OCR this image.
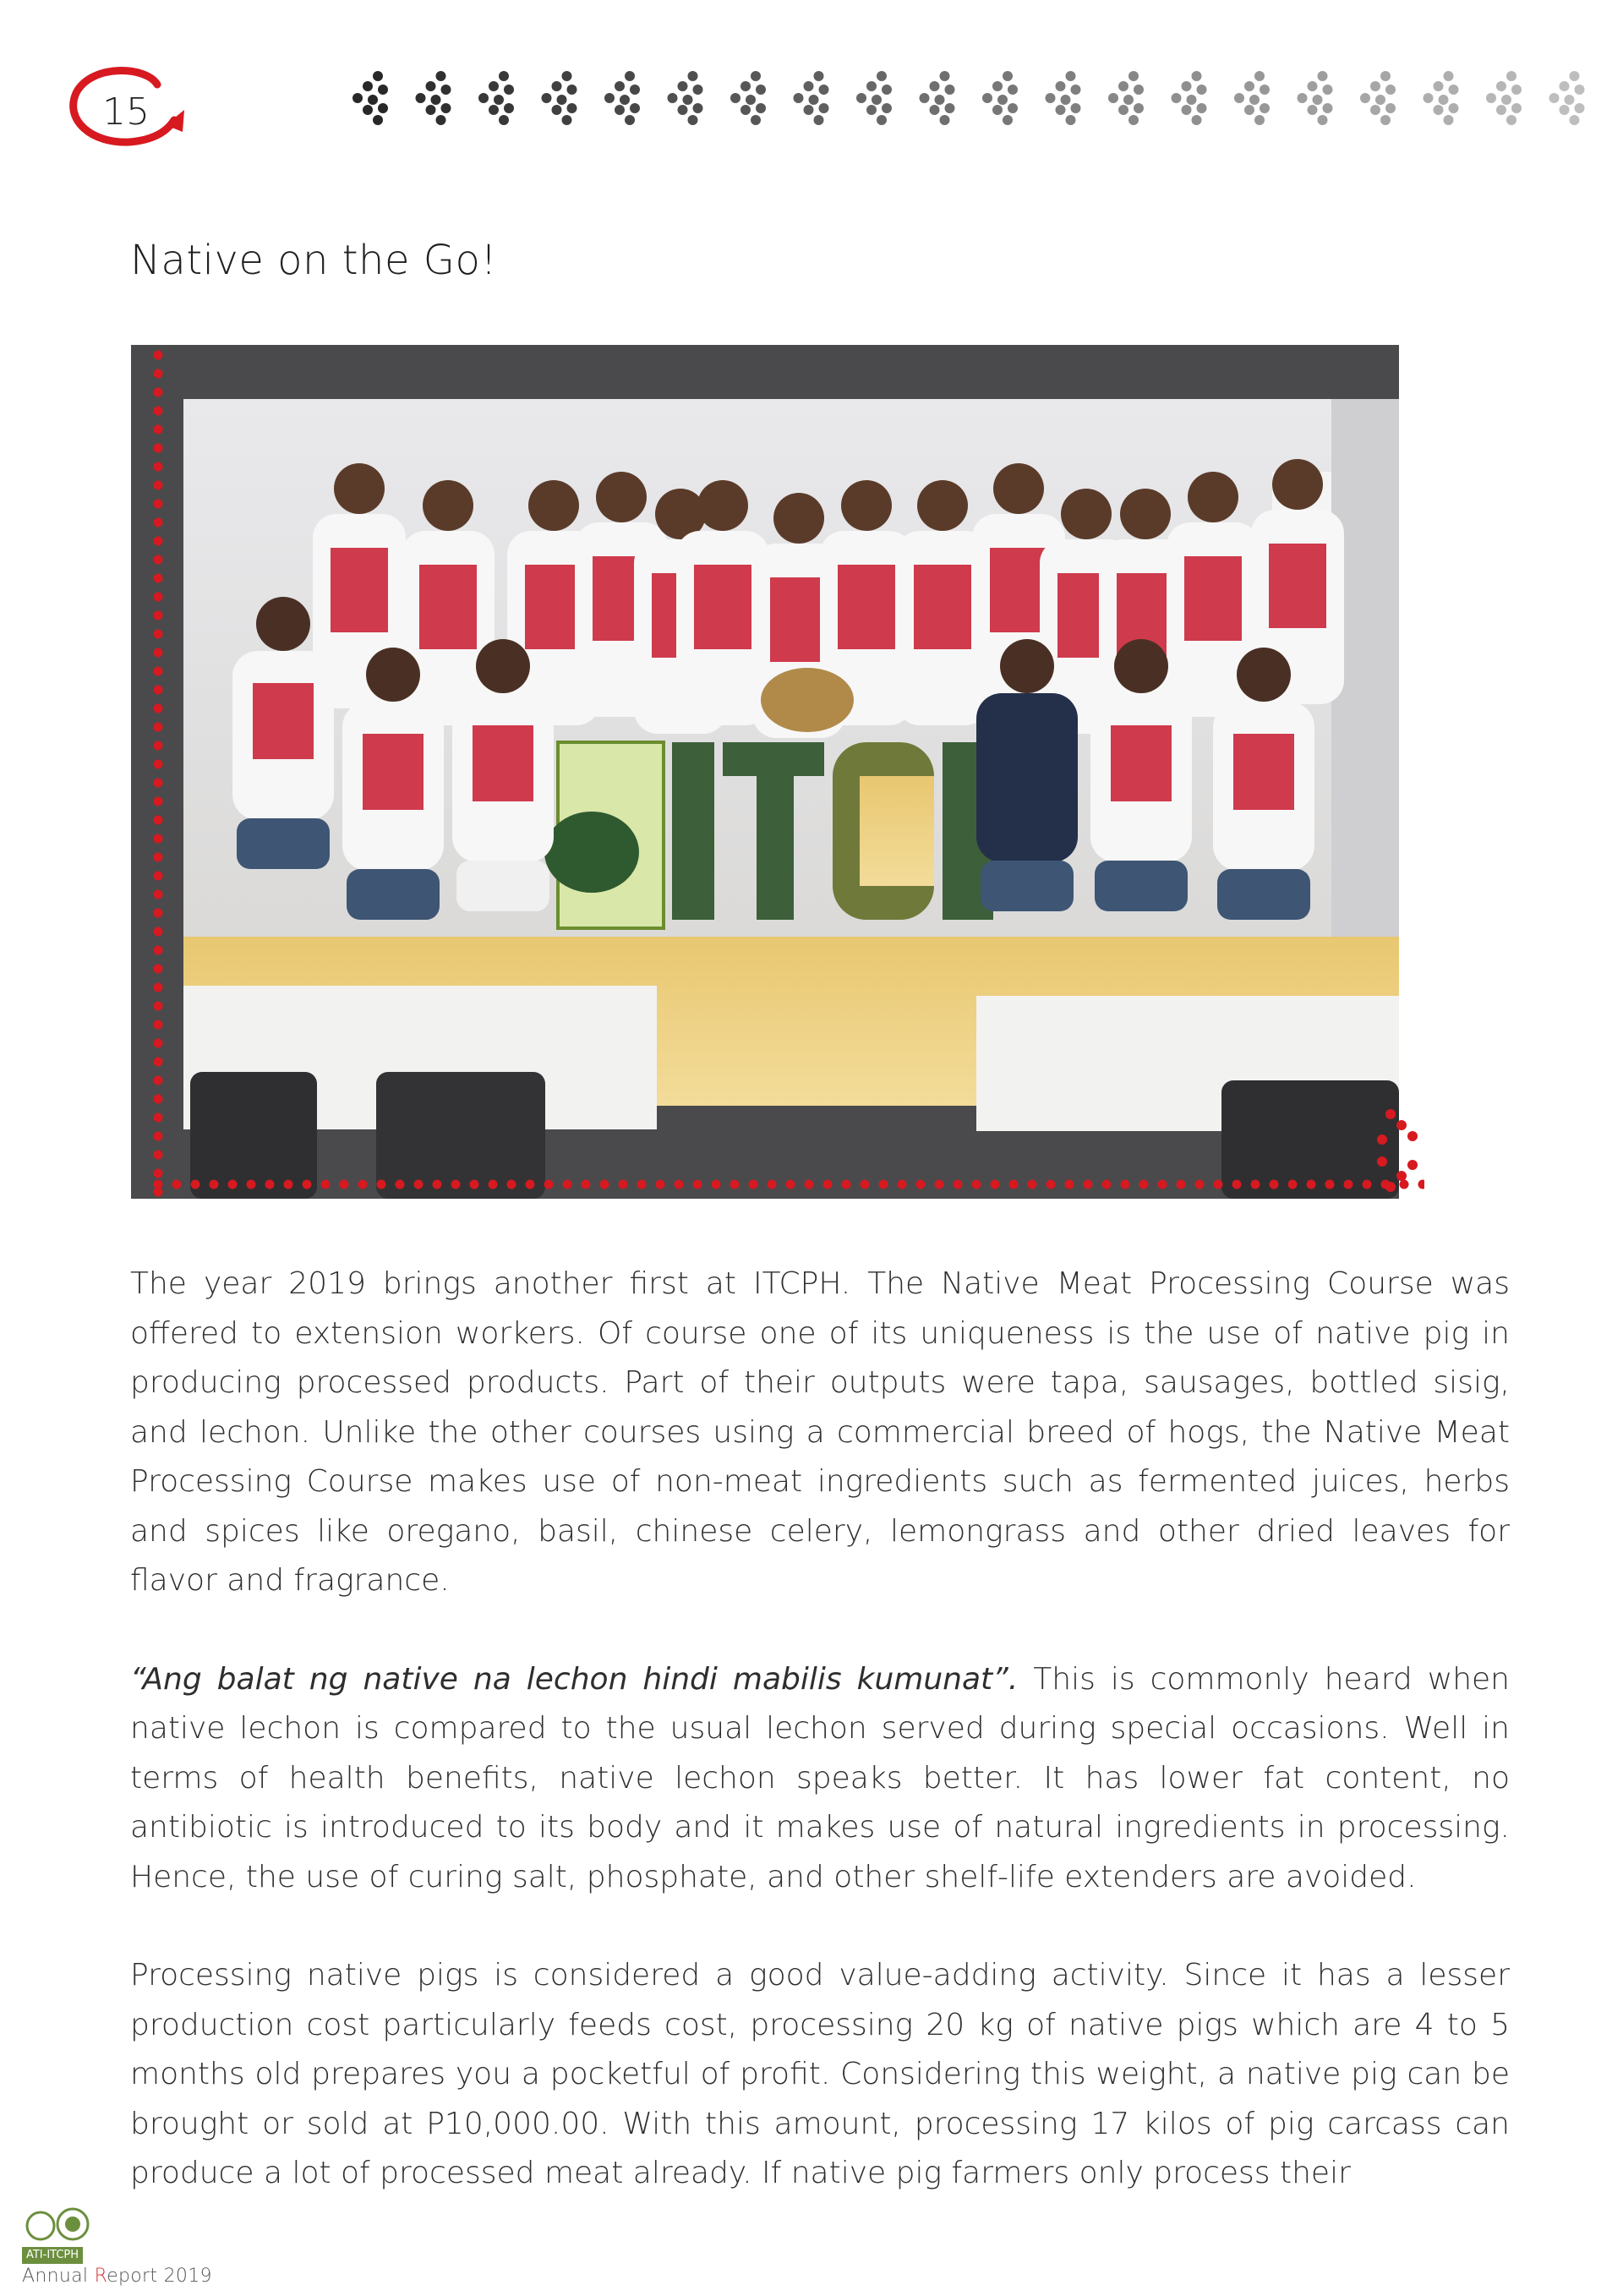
15
Native on the Go!

The year 2019 brings another first at ITCPH. The Native Meat Processing Course was offered to extension workers. Of course one of its uniqueness is the use of native pig in producing processed products. Part of their outputs were tapa, sausages, bottled sisig, and lechon. Unlike the other courses using a commercial breed of hogs, the Native Meat Processing Course makes use of non-meat ingredients such as fermented juices, herbs and spices like oregano, basil, chinese celery, lemongrass and other dried leaves for flavor and fragrance.

“Ang balat ng native na lechon hindi mabilis kumunat”. This is commonly heard when native lechon is compared to the usual lechon served during special occasions. Well in terms of health benefits, native lechon speaks better. It has lower fat content, no antibiotic is introduced to its body and it makes use of natural ingredients in processing. Hence, the use of curing salt, phosphate, and other shelf-life extenders are avoided.

Processing native pigs is considered a good value-adding activity. Since it has a lesser production cost particularly feeds cost, processing 20 kg of native pigs which are 4 to 5 months old prepares you a pocketful of profit. Considering this weight, a native pig can be brought or sold at P10,000.00. With this amount, processing 17 kilos of pig carcass can produce a lot of processed meat already. If native pig farmers only process their

ATI-ITCPH
Annual Report 2019
